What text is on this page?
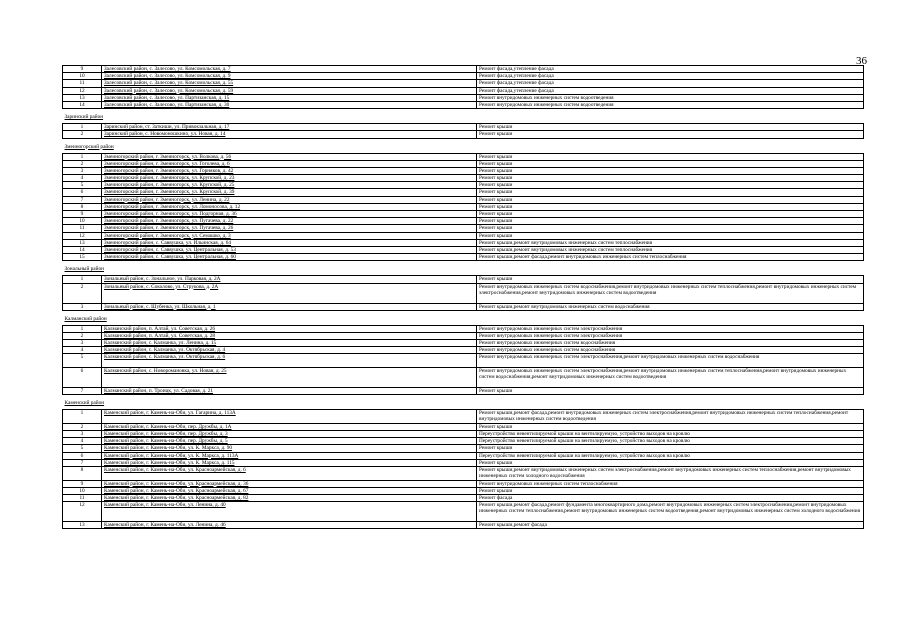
36
9	Залесовский район, с. Залесово, ул. Комсомольская, д. 7	Ремонт фасада,утепление фасада
10	Залесовский район, с. Залесово, ул. Комсомольская, д. 9	Ремонт фасада,утепление фасада
11	Залесовский район, с. Залесово, ул. Комсомольская, д. 55	Ремонт фасада,утепление фасада
12	Залесовский район, с. Залесово, ул. Комсомольская, д. 59	Ремонт фасада,утепление фасада
13	Залесовский район, с. Залесово, ул. Партизанская, д. 15	Ремонт внутридомовых инженерных систем водоотведения
14	Залесовский район, с. Залесово, ул. Партизанская, д. 30	Ремонт внутридомовых инженерных систем водоотведения

Заринский район		
1	Заринский район, ст. Заткиши, ул. Привокзальная, д. 17	Ремонт крыши
2	Заринский район, с. Новомоношкино, ул. Новая, д. 14	Ремонт крыши

Змеиногорский район		
1	Змеиногорский район, г. Змеиногорск, ул. Волкова, д. 56	Ремонт крыши
2	Змеиногорский район, г. Змеиногорск, ул. Гоголева, д. 6	Ремонт крыши
3	Змеиногорский район, г. Змеиногорск, ул. Горняков, д. 42	Ремонт крыши
4	Змеиногорский район, г. Змеиногорск, ул. Крупской, д. 23	Ремонт крыши
5	Змеиногорский район, г. Змеиногорск, ул. Крупской, д. 25	Ремонт крыши
6	Змеиногорский район, г. Змеиногорск, ул. Крупской, д. 39	Ремонт крыши
7	Змеиногорский район, г. Змеиногорск, ул. Ленина, д. 22	Ремонт крыши
8	Змеиногорский район, г. Змеиногорск, ул. Ломоносова, д. 12	Ремонт крыши
9	Змеиногорский район, г. Змеиногорск, ул. Подгорная, д. 36	Ремонт крыши
10	Змеиногорский район, г. Змеиногорск, ул. Пугачева, д. 22	Ремонт крыши
11	Змеиногорский район, г. Змеиногорск, ул. Пугачева, д. 26	Ремонт крыши
12	Змеиногорский район, г. Змеиногорск, ул. Семашко, д. 3	Ремонт крыши
13	Змеиногорский район, с. Саввушка, ул. Ильинская, д. 64	Ремонт крыши,ремонт внутридомовых инженерных систем теплоснабжения
14	Змеиногорский район, с. Саввушка, ул. Центральная, д. 53	Ремонт крыши,ремонт внутридомовых инженерных систем теплоснабжения
15	Змеиногорский район, с. Саввушка, ул. Центральная, д. 60	Ремонт крыши,ремонт фасада,ремонт внутридомовых инженерных систем теплоснабжения

Зональный район		
1	Зональный район, с. Зональное, ул. Парковая, д. 2А	Ремонт крыши
2	Зональный район, с. Соколово, ул. Струкова, д. 2А	Ремонт внутридомовых инженерных систем водоснабжения,ремонт внутридомовых инженерных систем теплоснабжения,ремонт внутридомовых инженерных систем электроснабжения,ремонт внутридомовых инженерных систем водоотведения
3	Зональный район, с. Шубенка, ул. Школьная, д. 1	Ремонт крыши,ремонт внутридомовых инженерных систем водоснабжения

Калманский район		
1	Калманский район, п. Алтай, ул. Советская, д. 26	Ремонт внутридомовых инженерных систем электроснабжения
2	Калманский район, п. Алтай, ул. Советская, д. 28	Ремонт внутридомовых инженерных систем электроснабжения
3	Калманский район, с. Калманка, ул. Ленина, д. 15	Ремонт внутридомовых инженерных систем водоснабжения
4	Калманский район, с. Калманка, ул. Октябрьская, д. 4	Ремонт внутридомовых инженерных систем водоснабжения
5	Калманский район, с. Калманка, ул. Октябрьская, д. 6	Ремонт внутридомовых инженерных систем электроснабжения,ремонт внутридомовых инженерных систем водоснабжения
6	Калманский район, с. Новоромановка, ул. Новая, д. 25	Ремонт внутридомовых инженерных систем электроснабжения,ремонт внутридомовых инженерных систем теплоснабжения,ремонт внутридомовых инженерных систем водоснабжения,ремонт внутридомовых инженерных систем водоотведения
7	Калманский район, п. Троицк, ул. Садовая, д. 21	Ремонт крыши

Каменский район		
1	Каменский район, г. Камень-на-Оби, ул. Гагарина, д. 113А	Ремонт крыши,ремонт фасада,ремонт внутридомовых инженерных систем электроснабжения,ремонт внутридомовых инженерных систем теплоснабжения,ремонт внутридомовых инженерных систем водоотведения
2	Каменский район, г. Камень-на-Оби, пер. Дружбы, д. 1А	Ремонт крыши
3	Каменский район, г. Камень-на-Оби, пер. Дружбы, д. 3	Переустройство невентилируемой крыши на вентилируемую, устройство выходов на кровлю
4	Каменский район, г. Камень-на-Оби, пер. Дружбы, д. 5	Переустройство невентилируемой крыши на вентилируемую, устройство выходов на кровлю
5	Каменский район, г. Камень-на-Оби, ул. К. Маркса, д. 90	Ремонт крыши
6	Каменский район, г. Камень-на-Оби, ул. К. Маркса, д. 113А	Переустройство невентилируемой крыши на вентилируемую, устройство выходов на кровлю
7	Каменский район, г. Камень-на-Оби, ул. К. Маркса, д. 115	Ремонт крыши
8	Каменский район, г. Камень-на-Оби, ул. Красноармейская, д. 6	Ремонт крыши,ремонт внутридомовых инженерных систем электроснабжения,ремонт внутридомовых инженерных систем теплоснабжения,ремонт внутридомовых инженерных систем холодного водоснабжения
9	Каменский район, г. Камень-на-Оби, ул. Красноармейская, д. 36	Ремонт внутридомовых инженерных систем теплоснабжения
10	Каменский район, г. Камень-на-Оби, ул. Красноармейская, д. 67	Ремонт крыши
11	Каменский район, г. Камень-на-Оби, ул. Красноармейская, д. 82	Ремонт фасада
12	Каменский район, г. Камень-на-Оби, ул. Ленина, д. 40	Ремонт крыши,ремонт фасада,ремонт фундамента многоквартирного дома,ремонт внутридомовых инженерных систем электроснабжения,ремонт внутридомовых инженерных систем теплоснабжения,ремонт внутридомовых инженерных систем водоотведения,ремонт внутридомовых инженерных систем холодного водоснабжения
13	Каменский район, г. Камень-на-Оби, ул. Ленина, д. 46	Ремонт крыши,ремонт фасада
